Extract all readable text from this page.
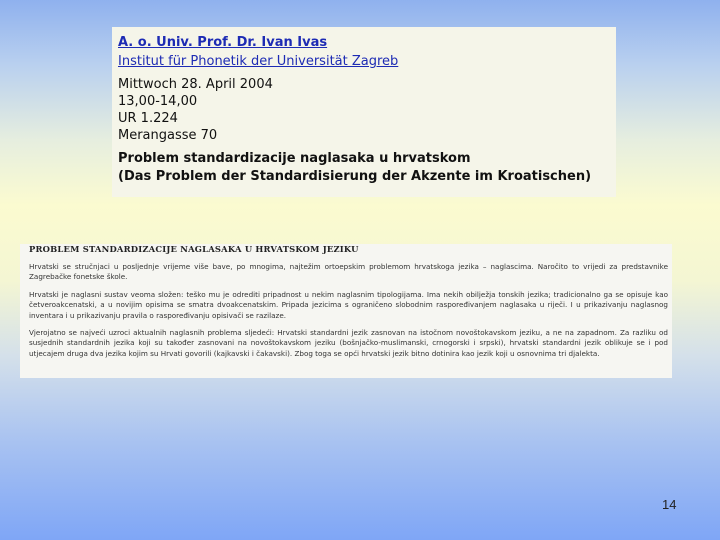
A. o. Univ. Prof. Dr. Ivan Ivas

Institut für Phonetik der Universität Zagreb

Mittwoch 28. April 2004

13,00-14,00

UR 1.224

Merangasse 70

Problem standardizacije naglasaka u hrvatskom

(Das Problem der Standardisierung der Akzente im Kroatischen)

PROBLEM STANDARDIZACIJE NAGLASAKA U HRVATSKOM JEZIKU

Hrvatski se stručnjaci u posljednje vrijeme više bave, po mnogima, najtežim ortoepskim problemom hrvatskoga jezika – naglascima. Naročito to vrijedi za predstavnike Zagrebačke fonetske škole.

Hrvatski je naglasni sustav veoma složen: teško mu je odrediti pripadnost u nekim naglasnim tipologijama. Ima nekih obilježja tonskih jezika; tradicionalno ga se opisuje kao četveroakcenatski, a u novijim opisima se smatra dvoakcenatskim. Pripada jezicima s ograničeno slobodnim raspoređivanjem naglasaka u riječi. I u prikazivanju naglasnog inventara i u prikazivanju pravila o raspoređivanju opisivači se razilaze.

Vjerojatno se najveći uzroci aktualnih naglasnih problema sljedeći: Hrvatski standardni jezik zasnovan na istočnom novoštokavskom jeziku, a ne na zapadnom. Za razliku od susjednih standardnih jezika koji su također zasnovani na novoštokavskom jeziku (bošnjačko-muslimanski, crnogorski i srpski), hrvatski standardni jezik oblikuje se i pod utjecajem druga dva jezika kojim su Hrvati govorili (kajkavski i čakavski). Zbog toga se opći hrvatski jezik bitno dotinira kao jezik koji u osnovnima tri djalekta.

14
